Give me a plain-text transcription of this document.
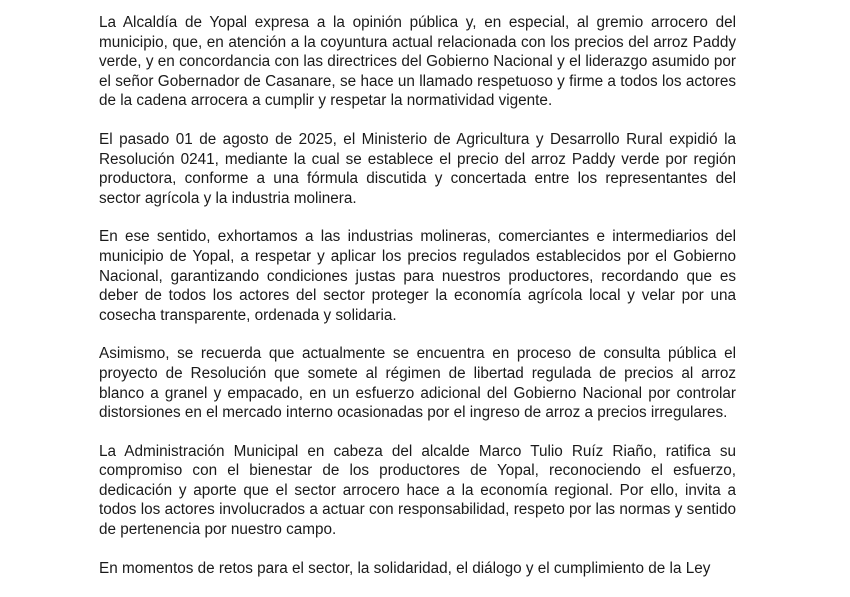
La Alcaldía de Yopal expresa a la opinión pública y, en especial, al gremio arrocero del municipio, que, en atención a la coyuntura actual relacionada con los precios del arroz Paddy verde, y en concordancia con las directrices del Gobierno Nacional y el liderazgo asumido por el señor Gobernador de Casanare, se hace un llamado respetuoso y firme a todos los actores de la cadena arrocera a cumplir y respetar la normatividad vigente.

El pasado 01 de agosto de 2025, el Ministerio de Agricultura y Desarrollo Rural expidió la Resolución 0241, mediante la cual se establece el precio del arroz Paddy verde por región productora, conforme a una fórmula discutida y concertada entre los representantes del sector agrícola y la industria molinera.

En ese sentido, exhortamos a las industrias molineras, comerciantes e intermediarios del municipio de Yopal, a respetar y aplicar los precios regulados establecidos por el Gobierno Nacional, garantizando condiciones justas para nuestros productores, recordando que es deber de todos los actores del sector proteger la economía agrícola local y velar por una cosecha transparente, ordenada y solidaria.

Asimismo, se recuerda que actualmente se encuentra en proceso de consulta pública el proyecto de Resolución que somete al régimen de libertad regulada de precios al arroz blanco a granel y empacado, en un esfuerzo adicional del Gobierno Nacional por controlar distorsiones en el mercado interno ocasionadas por el ingreso de arroz a precios irregulares.

La Administración Municipal en cabeza del alcalde Marco Tulio Ruíz Riaño, ratifica su compromiso con el bienestar de los productores de Yopal, reconociendo el esfuerzo, dedicación y aporte que el sector arrocero hace a la economía regional. Por ello, invita a todos los actores involucrados a actuar con responsabilidad, respeto por las normas y sentido de pertenencia por nuestro campo.

En momentos de retos para el sector, la solidaridad, el diálogo y el cumplimiento de la Ley
